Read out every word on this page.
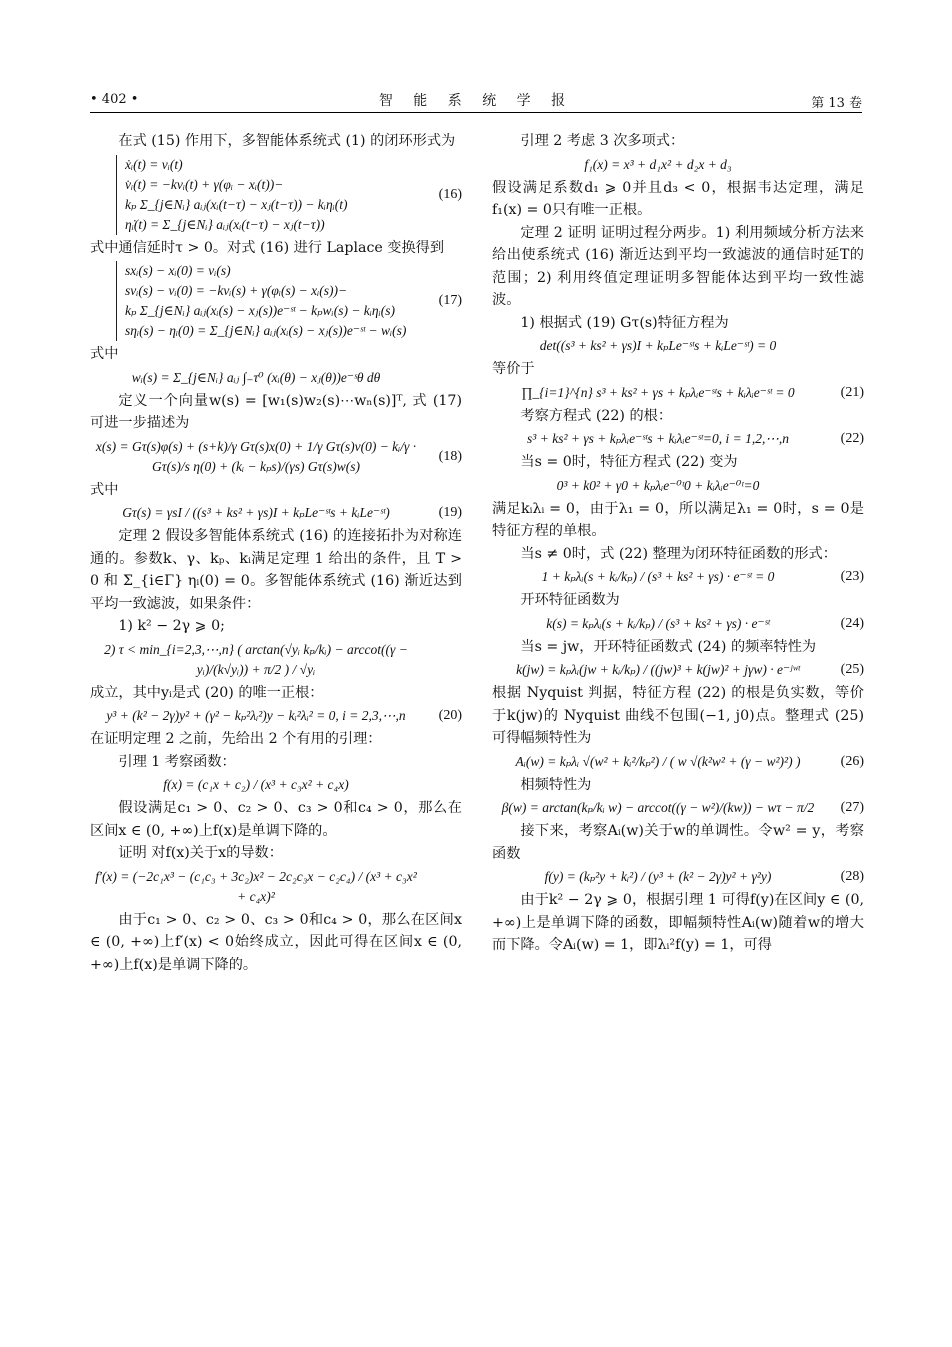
• 402 •	智 能 系 统 学 报	第 13 卷

在式 (15) 作用下，多智能体系统式 (1) 的闭环形式为

ẋᵢ(t) = vᵢ(t)
v̇ᵢ(t) = −kvᵢ(t) + γ(φᵢ − xᵢ(t))−
kₚ Σ_{j∈Nᵢ} aᵢⱼ(xᵢ(t−τ) − xⱼ(t−τ)) − kᵢηᵢ(t)
η̇ᵢ(t) = Σ_{j∈Nᵢ} aᵢⱼ(xᵢ(t−τ) − xⱼ(t−τ))
(16)

式中通信延时τ > 0。对式 (16) 进行 Laplace 变换得到

sxᵢ(s) − xᵢ(0) = vᵢ(s)
svᵢ(s) − vᵢ(0) = −kvᵢ(s) + γ(φᵢ(s) − xᵢ(s))−
kₚ Σ_{j∈Nᵢ} aᵢⱼ(xᵢ(s) − xⱼ(s))e⁻ˢᵗ − kₚwᵢ(s) − kᵢηᵢ(s)
sηᵢ(s) − ηᵢ(0) = Σ_{j∈Nᵢ} aᵢⱼ(xᵢ(s) − xⱼ(s))e⁻ˢᵗ − wᵢ(s)
(17)

式中

wᵢ(s) = Σ_{j∈Nᵢ} aᵢⱼ ∫₋τ⁰ (xᵢ(θ) − xⱼ(θ))e⁻ˢθ dθ

定义一个向量w(s) = [w₁(s)w₂(s)⋯wₙ(s)]ᵀ, 式 (17) 可进一步描述为

x(s) = Gτ(s)φ(s) + (s+k)/γ Gτ(s)x(0) + 1/γ Gτ(s)v(0) − kᵢ/γ · Gτ(s)/s η(0) + (kᵢ − kₚs)/(γs) Gτ(s)w(s)
(18)

式中

Gτ(s) = γsI / ((s³ + ks² + γs)I + kₚLe⁻ˢᵗs + kᵢLe⁻ˢᵗ)	(19)

定理 2 假设多智能体系统式 (16) 的连接拓扑为对称连通的。参数k、γ、kₚ、kᵢ满足定理 1 给出的条件，且 T > 0 和 Σ_{i∈Γ} ηᵢ(0) = 0。多智能体系统式 (16) 渐近达到平均一致滤波，如果条件：

1) k² − 2γ ⩾ 0;

2) τ < min_{i=2,3,⋯,n} ( arctan(√yᵢ kₚ/kᵢ) − arccot((γ − yᵢ)/(k√yᵢ)) + π/2 ) / √yᵢ

成立，其中yᵢ是式 (20) 的唯一正根：

y³ + (k² − 2γ)y² + (γ² − kₚ²λᵢ²)y − kᵢ²λᵢ² = 0, i = 2,3,⋯,n (20)

在证明定理 2 之前，先给出 2 个有用的引理：

引理 1 考察函数：

f(x) = (c₁x + c₂) / (x³ + c₃x² + c₄x)

假设满足c₁ > 0、c₂ > 0、c₃ > 0和c₄ > 0，那么在区间x ∈ (0, +∞)上f(x)是单调下降的。

证明 对f(x)关于x的导数：

f′(x) = (−2c₁x³ − (c₁c₃ + 3c₂)x² − 2c₂c₃x − c₂c₄) / (x³ + c₃x² + c₄x)²

由于c₁ > 0、c₂ > 0、c₃ > 0和c₄ > 0，那么在区间x ∈ (0, +∞)上f′(x) < 0始终成立，因此可得在区间x ∈ (0, +∞)上f(x)是单调下降的。

引理 2 考虑 3 次多项式：

f₁(x) = x³ + d₁x² + d₂x + d₃

假设满足系数d₁ ⩾ 0并且d₃ < 0，根据韦达定理，满足f₁(x) = 0只有唯一正根。

定理 2 证明 证明过程分两步。1) 利用频域分析方法来给出使系统式 (16) 渐近达到平均一致滤波的通信时延T的范围；2) 利用终值定理证明多智能体达到平均一致性滤波。

1) 根据式 (19) Gτ(s)特征方程为

det((s³ + ks² + γs)I + kₚLe⁻ˢᵗs + kᵢLe⁻ˢᵗ) = 0

等价于

∏_{i=1}^{n} s³ + ks² + γs + kₚλᵢe⁻ˢᵗs + kᵢλᵢe⁻ˢᵗ = 0	(21)

考察方程式 (22) 的根：

s³ + ks² + γs + kₚλᵢe⁻ˢᵗs + kᵢλᵢe⁻ˢᵗ=0, i = 1,2,⋯,n	(22)

当s = 0时，特征方程式 (22) 变为

0³ + k0² + γ0 + kₚλᵢe⁻⁰ᵗ0 + kᵢλᵢe⁻⁰ᵗ=0

满足kᵢλᵢ = 0，由于λ₁ = 0，所以满足λ₁ = 0时，s = 0是特征方程的单根。

当s ≠ 0时，式 (22) 整理为闭环特征函数的形式：

1 + kₚλᵢ(s + kᵢ/kₚ) / (s³ + ks² + γs) · e⁻ˢᵗ = 0	(23)

开环特征函数为

k(s) = kₚλᵢ(s + kᵢ/kₚ) / (s³ + ks² + γs) · e⁻ˢᵗ	(24)

当s = jw，开环特征函数式 (24) 的频率特性为

k(jw) = kₚλᵢ(jw + kᵢ/kₚ) / ((jw)³ + k(jw)² + jγw) · e⁻ʲʷᵗ	(25)

根据 Nyquist 判据，特征方程 (22) 的根是负实数，等价于k(jw)的 Nyquist 曲线不包围(−1, j0)点。整理式 (25) 可得幅频特性为

Aᵢ(w) = kₚλᵢ √(w² + kᵢ²/kₚ²) / ( w √(k²w² + (γ − w²)²) )	(26)

相频特性为

β(w) = arctan(kₚ/kᵢ w) − arccot((γ − w²)/(kw)) − wτ − π/2 (27)

接下来，考察Aᵢ(w)关于w的单调性。令w² = y，考察函数

f(y) = (kₚ²y + kᵢ²) / (y³ + (k² − 2γ)y² + γ²y)	(28)

由于k² − 2γ ⩾ 0，根据引理 1 可得f(y)在区间y ∈ (0, +∞)上是单调下降的函数，即幅频特性Aᵢ(w)随着w的增大而下降。令Aᵢ(w) = 1，即λᵢ²f(y) = 1，可得
